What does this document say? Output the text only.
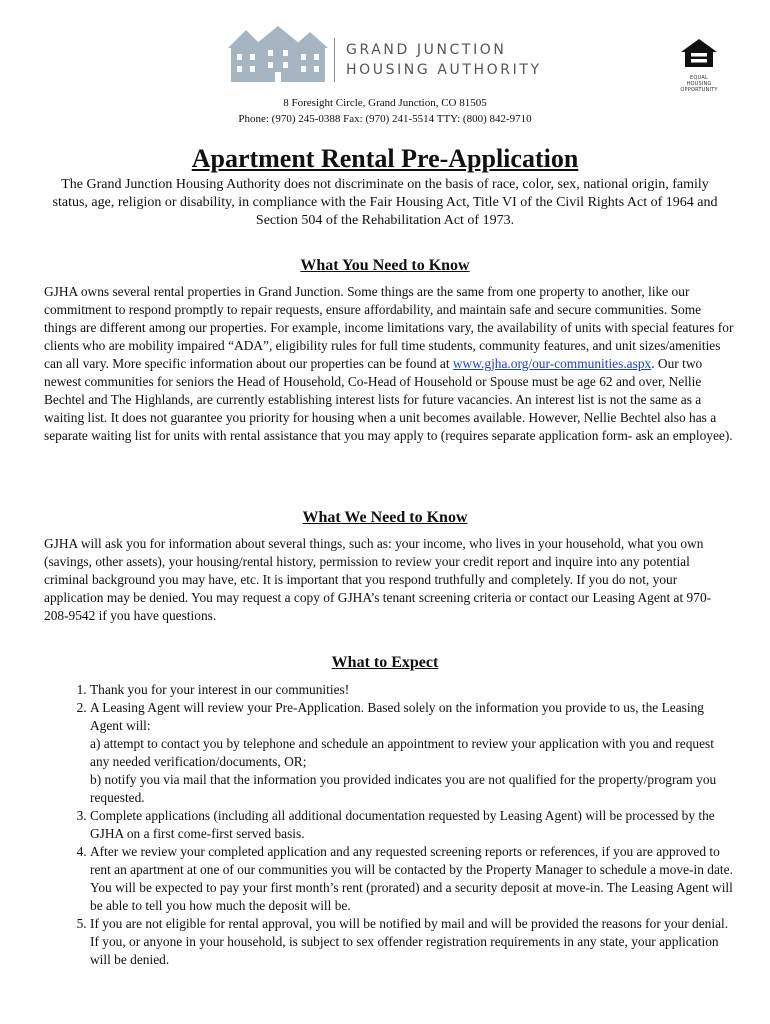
GRAND JUNCTION
HOUSING AUTHORITY	EQUAL HOUSING OPPORTUNITY
8 Foresight Circle, Grand Junction, CO 81505
Phone: (970) 245-0388 Fax: (970) 241-5514 TTY: (800) 842-9710
Apartment Rental Pre-Application
The Grand Junction Housing Authority does not discriminate on the basis of race, color, sex, national origin, family status, age, religion or disability, in compliance with the Fair Housing Act, Title VI of the Civil Rights Act of 1964 and Section 504 of the Rehabilitation Act of 1973.
What You Need to Know
GJHA owns several rental properties in Grand Junction. Some things are the same from one property to another, like our commitment to respond promptly to repair requests, ensure affordability, and maintain safe and secure communities. Some things are different among our properties. For example, income limitations vary, the availability of units with special features for clients who are mobility impaired “ADA”, eligibility rules for full time students, community features, and unit sizes/amenities can all vary. More specific information about our properties can be found at www.gjha.org/our-communities.aspx. Our two newest communities for seniors the Head of Household, Co-Head of Household or Spouse must be age 62 and over, Nellie Bechtel and The Highlands, are currently establishing interest lists for future vacancies. An interest list is not the same as a waiting list. It does not guarantee you priority for housing when a unit becomes available. However, Nellie Bechtel also has a separate waiting list for units with rental assistance that you may apply to (requires separate application form- ask an employee).
What We Need to Know
GJHA will ask you for information about several things, such as: your income, who lives in your household, what you own (savings, other assets), your housing/rental history, permission to review your credit report and inquire into any potential criminal background you may have, etc. It is important that you respond truthfully and completely. If you do not, your application may be denied. You may request a copy of GJHA’s tenant screening criteria or contact our Leasing Agent at 970-208-9542 if you have questions.
What to Expect
1. Thank you for your interest in our communities!
2. A Leasing Agent will review your Pre-Application. Based solely on the information you provide to us, the Leasing Agent will:
a) attempt to contact you by telephone and schedule an appointment to review your application with you and request any needed verification/documents, OR;
b) notify you via mail that the information you provided indicates you are not qualified for the property/program you requested.
3. Complete applications (including all additional documentation requested by Leasing Agent) will be processed by the GJHA on a first come-first served basis.
4. After we review your completed application and any requested screening reports or references, if you are approved to rent an apartment at one of our communities you will be contacted by the Property Manager to schedule a move-in date. You will be expected to pay your first month’s rent (prorated) and a security deposit at move-in. The Leasing Agent will be able to tell you how much the deposit will be.
5. If you are not eligible for rental approval, you will be notified by mail and will be provided the reasons for your denial. If you, or anyone in your household, is subject to sex offender registration requirements in any state, your application will be denied.
